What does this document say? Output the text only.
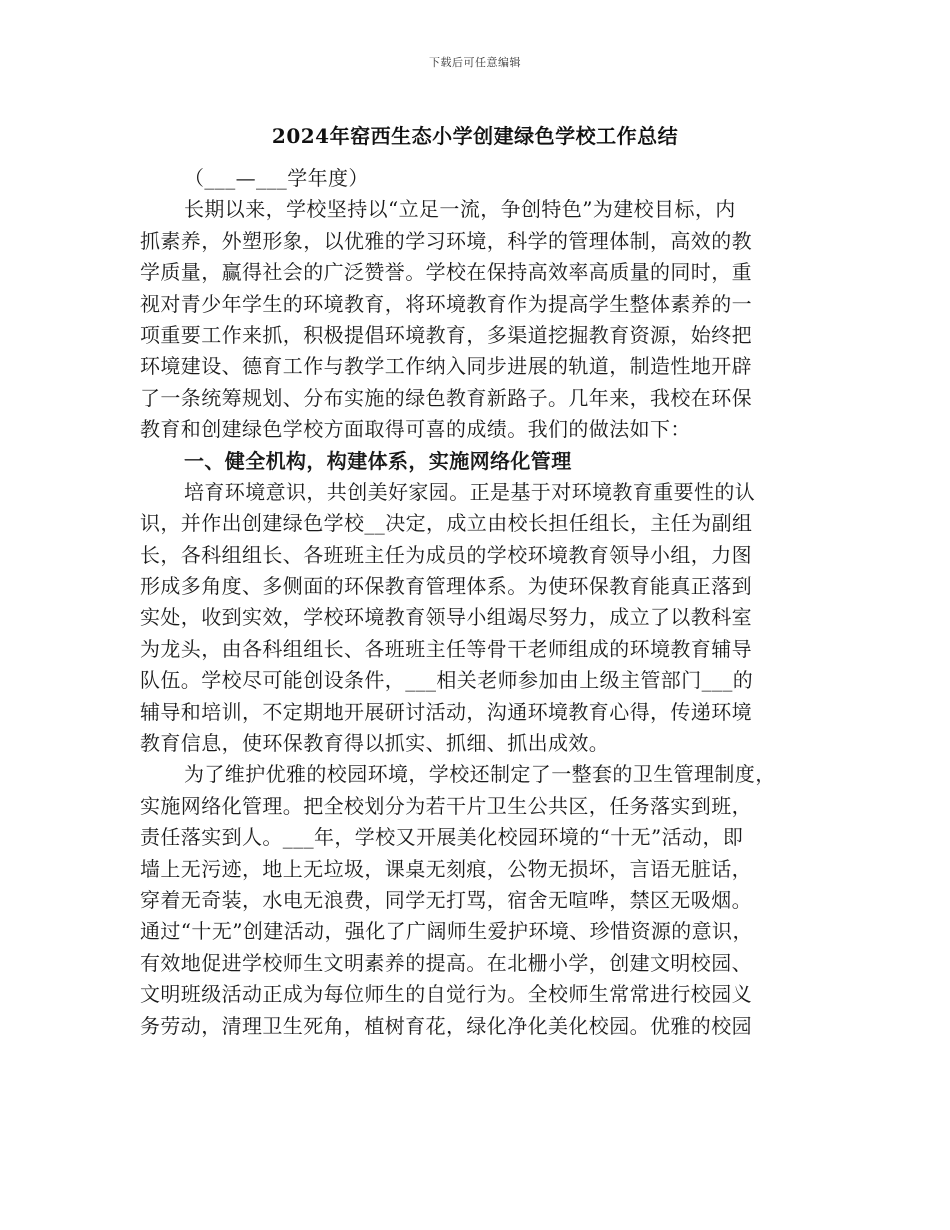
下载后可任意编辑
2024年窑西生态小学创建绿色学校工作总结
（___—___学年度）
长期以来，学校坚持以“立足一流，争创特色”为建校目标，内
抓素养，外塑形象，以优雅的学习环境，科学的管理体制，高效的教
学质量，赢得社会的广泛赞誉。学校在保持高效率高质量的同时，重
视对青少年学生的环境教育，将环境教育作为提高学生整体素养的一
项重要工作来抓，积极提倡环境教育，多渠道挖掘教育资源，始终把
环境建设、德育工作与教学工作纳入同步进展的轨道，制造性地开辟
了一条统筹规划、分布实施的绿色教育新路子。几年来，我校在环保
教育和创建绿色学校方面取得可喜的成绩。我们的做法如下：
一、健全机构，构建体系，实施网络化管理
培育环境意识，共创美好家园。正是基于对环境教育重要性的认
识，并作出创建绿色学校__决定，成立由校长担任组长，主任为副组
长，各科组组长、各班班主任为成员的学校环境教育领导小组，力图
形成多角度、多侧面的环保教育管理体系。为使环保教育能真正落到
实处，收到实效，学校环境教育领导小组竭尽努力，成立了以教科室
为龙头，由各科组组长、各班班主任等骨干老师组成的环境教育辅导
队伍。学校尽可能创设条件，___相关老师参加由上级主管部门___的
辅导和培训，不定期地开展研讨活动，沟通环境教育心得，传递环境
教育信息，使环保教育得以抓实、抓细、抓出成效。
为了维护优雅的校园环境，学校还制定了一整套的卫生管理制度，
实施网络化管理。把全校划分为若干片卫生公共区，任务落实到班，
责任落实到人。___年，学校又开展美化校园环境的“十无”活动，即
墙上无污迹，地上无垃圾，课桌无刻痕，公物无损坏，言语无脏话，
穿着无奇装，水电无浪费，同学无打骂，宿舍无喧哗，禁区无吸烟。
通过“十无”创建活动，强化了广阔师生爱护环境、珍惜资源的意识，
有效地促进学校师生文明素养的提高。在北栅小学，创建文明校园、
文明班级活动正成为每位师生的自觉行为。全校师生常常进行校园义
务劳动，清理卫生死角，植树育花，绿化净化美化校园。优雅的校园
